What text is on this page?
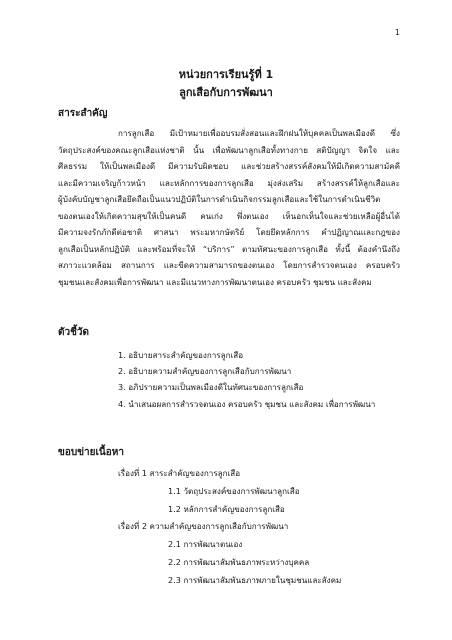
1
หน่วยการเรียนรู้ที่ 1
ลูกเสือกับการพัฒนา
สาระสำคัญ
การลูกเสือ มีเป้าหมายเพื่ออบรมสั่งสอนและฝึกฝนให้บุคคลเป็นพลเมืองดี ซึ่ง
วัตถุประสงค์ของคณะลูกเสือแห่งชาติ นั้น เพื่อพัฒนาลูกเสือทั้งทางกาย สติปัญญา จิตใจ และ
ศีลธรรม ให้เป็นพลเมืองดี มีความรับผิดชอบ และช่วยสร้างสรรค์สังคมให้มีเกิดความสามัคคี
และมีความเจริญก้าวหน้า และหลักการของการลูกเสือ มุ่งส่งเสริม สร้างสรรค์ให้ลูกเสือและ
ผู้บังคับบัญชาลูกเสือยึดถือเป็นแนวปฏิบัติในการดำเนินกิจกรรมลูกเสือและใช้ในการดำเนินชีวิต
ของตนเองให้เกิดความสุขให้เป็นคนดี คนเก่ง พึ่งตนเอง เห็นอกเห็นใจและช่วยเหลือผู้อื่นได้
มีความจงรักภักดีต่อชาติ ศาสนา พระมหากษัตริย์ โดยยึดหลักการ คำปฏิญาณและกฎของ
ลูกเสือเป็นหลักปฏิบัติ และพร้อมที่จะให้ “บริการ” ตามทัศนะของการลูกเสือ ทั้งนี้ ต้องคำนึงถึง
สภาวะแวดล้อม สถานการ และขีดความสามารถของตนเอง โดยการสำรวจตนเอง ครอบครัว
ชุมชนและสังคมเพื่อการพัฒนา และมีแนวทางการพัฒนาตนเอง ครอบครัว ชุมชน และสังคม
ตัวชี้วัด
1. อธิบายสาระสำคัญของการลูกเสือ
2. อธิบายความสำคัญของการลูกเสือกับการพัฒนา
3. อภิปรายความเป็นพลเมืองดีในทัศนะของการลูกเสือ
4. นำเสนอผลการสำรวจตนเอง ครอบครัว ชุมชน และสังคม เพื่อการพัฒนา
ขอบข่ายเนื้อหา
เรื่องที่ 1 สาระสำคัญของการลูกเสือ
1.1 วัตถุประสงค์ของการพัฒนาลูกเสือ
1.2 หลักการสำคัญของการลูกเสือ
เรื่องที่ 2 ความสำคัญของการลูกเสือกับการพัฒนา
2.1 การพัฒนาตนเอง
2.2 การพัฒนาสัมพันธภาพระหว่างบุคคล
2.3 การพัฒนาสัมพันธภาพภายในชุมชนและสังคม
